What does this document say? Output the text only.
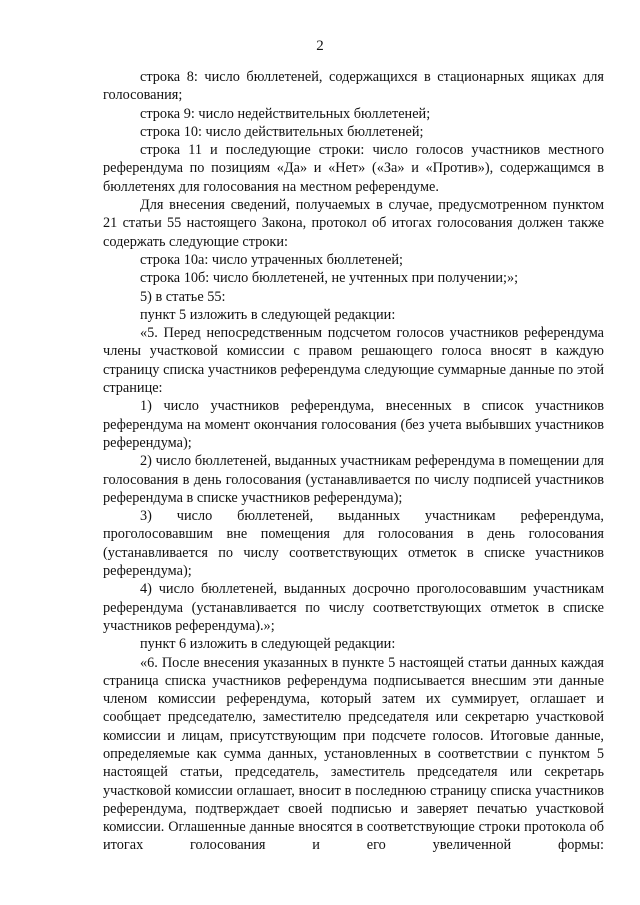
2

строка 8: число бюллетеней, содержащихся в стационарных ящиках для голосования;

строка 9: число недействительных бюллетеней;

строка 10: число действительных бюллетеней;

строка 11 и последующие строки: число голосов участников местного референдума по позициям «Да» и «Нет» («За» и «Против»), содержащимся в бюллетенях для голосования на местном референдуме.

Для внесения сведений, получаемых в случае, предусмотренном пунктом 21 статьи 55 настоящего Закона, протокол об итогах голосования должен также содержать следующие строки:

строка 10а: число утраченных бюллетеней;

строка 10б: число бюллетеней, не учтенных при получении;»;

5) в статье 55:

пункт 5 изложить в следующей редакции:

«5. Перед непосредственным подсчетом голосов участников референдума члены участковой комиссии с правом решающего голоса вносят в каждую страницу списка участников референдума следующие суммарные данные по этой странице:

1) число участников референдума, внесенных в список участников референдума на момент окончания голосования (без учета выбывших участников референдума);

2) число бюллетеней, выданных участникам референдума в помещении для голосования в день голосования (устанавливается по числу подписей участников референдума в списке участников референдума);

3) число бюллетеней, выданных участникам референдума, проголосовавшим вне помещения для голосования в день голосования (устанавливается по числу соответствующих отметок в списке участников референдума);

4) число бюллетеней, выданных досрочно проголосовавшим участникам референдума (устанавливается по числу соответствующих отметок в списке участников референдума).»;

пункт 6 изложить в следующей редакции:

«6. После внесения указанных в пункте 5 настоящей статьи данных каждая страница списка участников референдума подписывается внесшим эти данные членом комиссии референдума, который затем их суммирует, оглашает и сообщает председателю, заместителю председателя или секретарю участковой комиссии и лицам, присутствующим при подсчете голосов. Итоговые данные, определяемые как сумма данных, установленных в соответствии с пунктом 5 настоящей статьи, председатель, заместитель председателя или секретарь участковой комиссии оглашает, вносит в последнюю страницу списка участников референдума, подтверждает своей подписью и заверяет печатью участковой комиссии. Оглашенные данные вносятся в соответствующие строки протокола об итогах голосования и его увеличенной формы:
